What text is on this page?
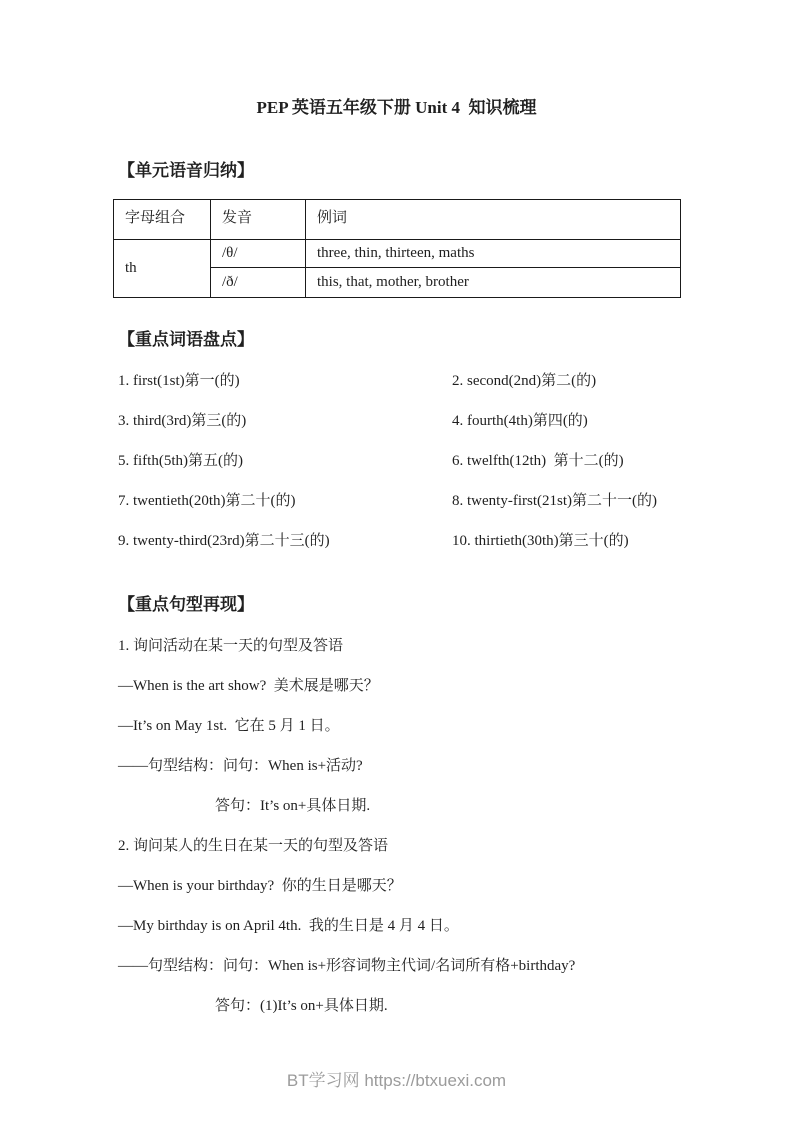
PEP 英语五年级下册 Unit 4  知识梳理
【单元语音归纳】
字母组合	发音	例词
th	/θ/	three, thin, thirteen, maths
	/ð/	this, that, mother, brother
【重点词语盘点】
1. first(1st)第一(的)	2. second(2nd)第二(的)
3. third(3rd)第三(的)	4. fourth(4th)第四(的)
5. fifth(5th)第五(的)	6. twelfth(12th)  第十二(的)
7. twentieth(20th)第二十(的)	8. twenty-first(21st)第二十一(的)
9. twenty-third(23rd)第二十三(的)	10. thirtieth(30th)第三十(的)
【重点句型再现】
1. 询问活动在某一天的句型及答语
—When is the art show?  美术展是哪天？
—It’s on May 1st.  它在 5 月 1 日。
——句型结构：问句：When is+活动?
答句：It’s on+具体日期.
2. 询问某人的生日在某一天的句型及答语
—When is your birthday?  你的生日是哪天？
—My birthday is on April 4th.  我的生日是 4 月 4 日。
——句型结构：问句：When is+形容词物主代词/名词所有格+birthday?
答句：(1)It’s on+具体日期.
BT学习网 https://btxuexi.com
